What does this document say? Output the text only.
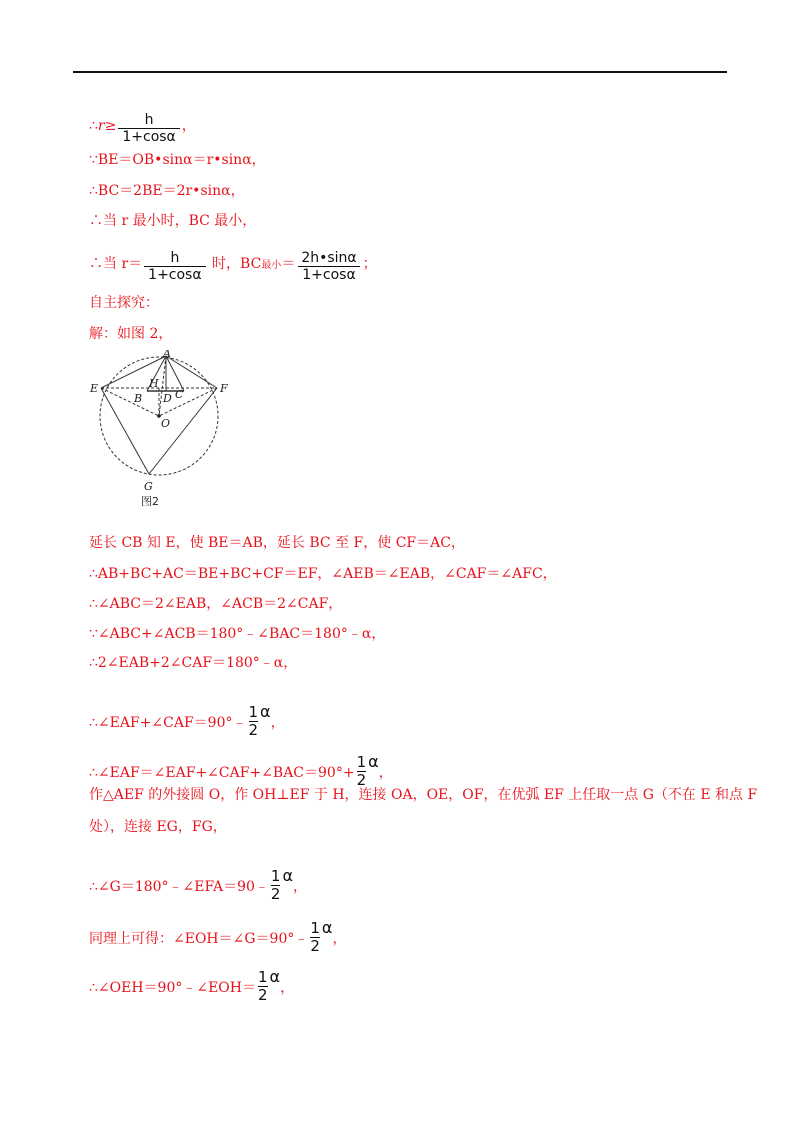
∴r≥ $\frac{h}{1+\cos\alpha}$ ，
∵BE＝OB•sinα＝r•sinα，
∴BC＝2BE＝2r•sinα，
∴当 r 最小时，BC 最小，
∴当 $r= \frac{h}{1+\cos\alpha}$ 时，BC最小＝ $\frac{2h•\sin\alpha}{1+\cos\alpha}$ ；
自主探究：
解：如图 2，
A
E	F
H
B D C
O
G
图2
延长 CB 知 E，使 BE＝AB，延长 BC 至 F，使 CF＝AC，
∴AB+BC+AC＝BE+BC+CF＝EF，∠AEB＝∠EAB，∠CAF＝∠AFC，
∴∠ABC＝2∠EAB，∠ACB＝2∠CAF，
∵∠ABC+∠ACB＝180°﹣∠BAC＝180°﹣α，
∴2∠EAB+2∠CAF＝180°﹣α，
∴∠EAF+∠CAF＝90°﹣ $\frac{1}{2}$ α，
∴∠EAF＝∠EAF+∠CAF+∠BAC＝90°+ $\frac{1}{2}$ α，
作△AEF 的外接圆 O，作 OH⊥EF 于 H，连接 OA，OE，OF，在优弧 EF 上任取一点 G（不在 E 和点 F
处），连接 EG，FG，
∴∠G＝180°﹣∠EFA＝90﹣ $\frac{1}{2}$ α，
同理上可得：∠EOH＝∠G＝90°﹣ $\frac{1}{2}$ α，
∴∠OEH＝90°﹣∠EOH＝ $\frac{1}{2}$ α，
